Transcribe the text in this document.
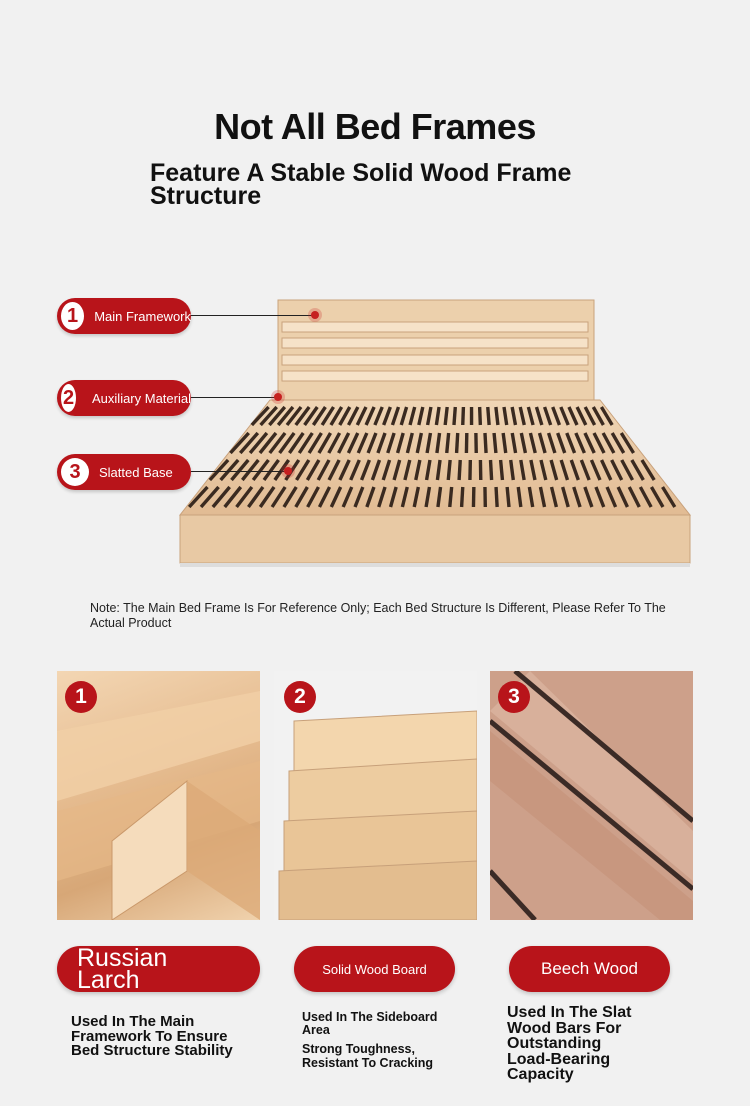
Not All Bed Frames
Feature A Stable Solid Wood Frame Structure
1	Main Framework
2 Auxiliary Material
3	Slatted Base
Note: The Main Bed Frame Is For Reference Only; Each Bed Structure Is Different, Please Refer To The Actual Product
1	2	3
Russian Larch	Solid Wood Board	Beech Wood
Used In The Main Framework To Ensure Bed Structure Stability
Used In The Sideboard Area
Strong Toughness, Resistant To Cracking
Used In The Slat Wood Bars For Outstanding Load-Bearing Capacity
